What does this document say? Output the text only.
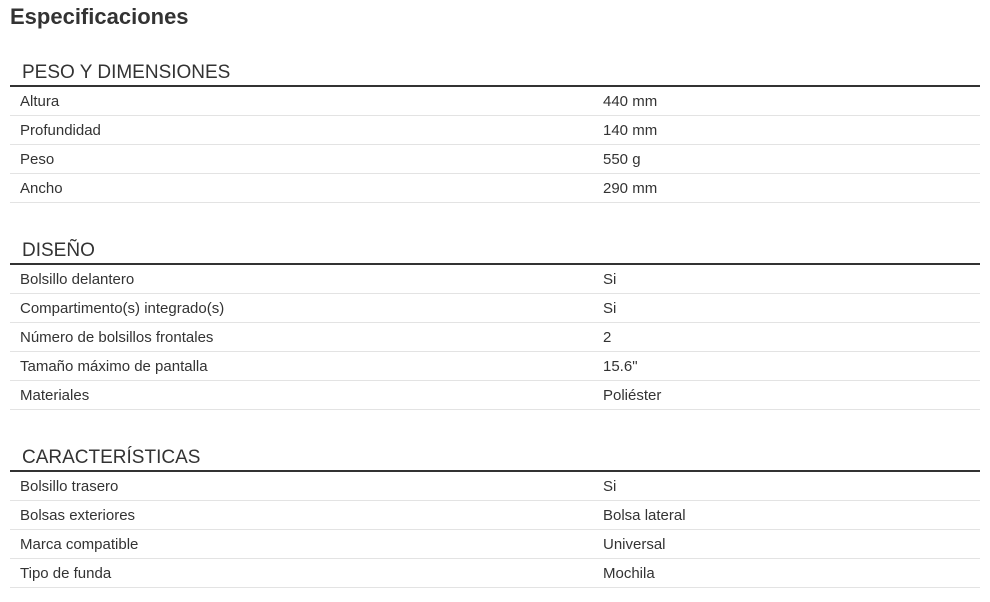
Especificaciones
PESO Y DIMENSIONES
Altura	440 mm
Profundidad	140 mm
Peso	550 g
Ancho	290 mm
DISEÑO
Bolsillo delantero	Si
Compartimento(s) integrado(s)	Si
Número de bolsillos frontales	2
Tamaño máximo de pantalla	15.6"
Materiales	Poliéster
CARACTERÍSTICAS
Bolsillo trasero	Si
Bolsas exteriores	Bolsa lateral
Marca compatible	Universal
Tipo de funda	Mochila
